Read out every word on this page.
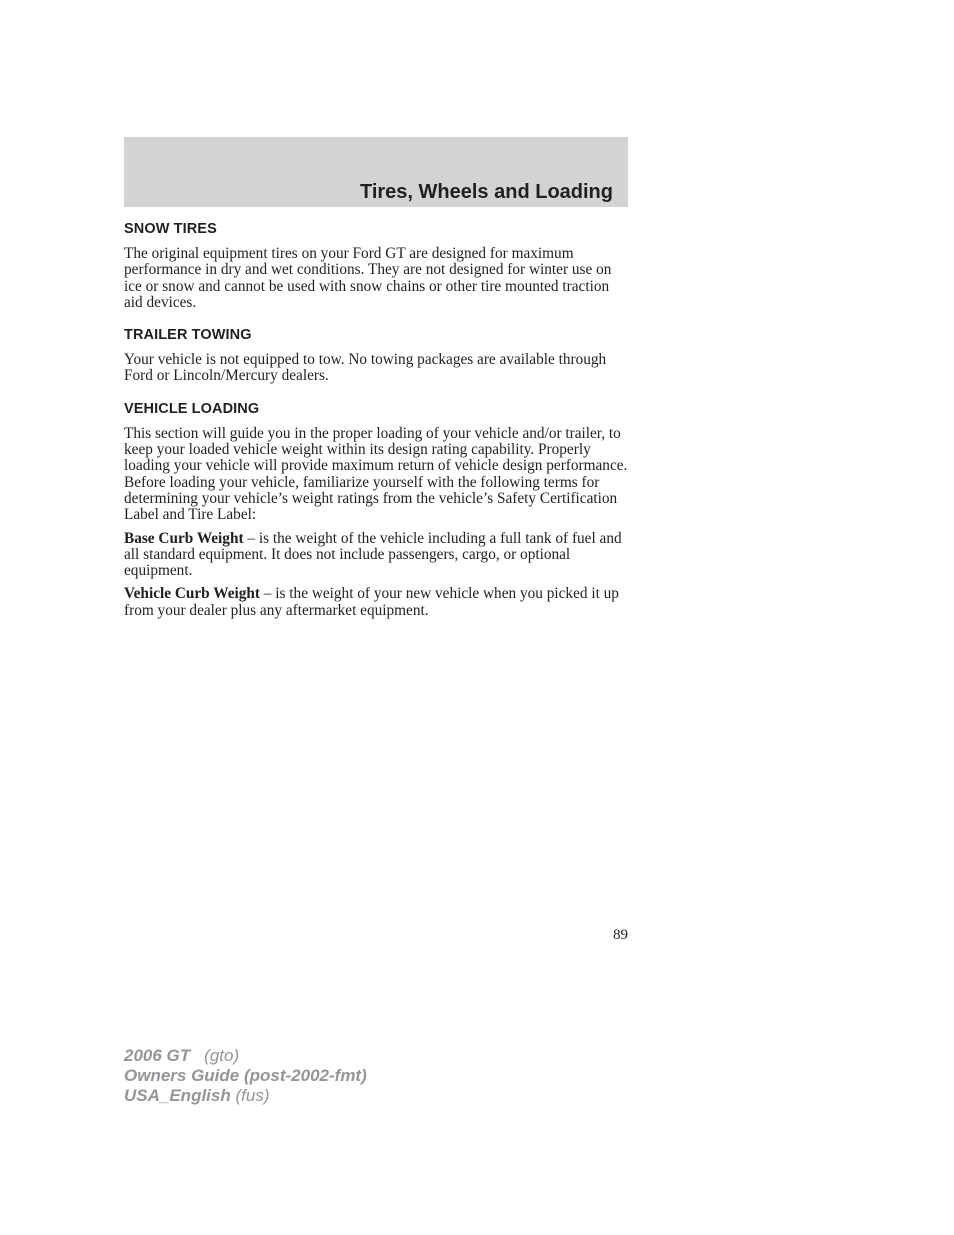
Tires, Wheels and Loading
SNOW TIRES

The original equipment tires on your Ford GT are designed for maximum performance in dry and wet conditions. They are not designed for winter use on ice or snow and cannot be used with snow chains or other tire mounted traction aid devices.

TRAILER TOWING

Your vehicle is not equipped to tow. No towing packages are available through Ford or Lincoln/Mercury dealers.

VEHICLE LOADING

This section will guide you in the proper loading of your vehicle and/or trailer, to keep your loaded vehicle weight within its design rating capability. Properly loading your vehicle will provide maximum return of vehicle design performance. Before loading your vehicle, familiarize yourself with the following terms for determining your vehicle’s weight ratings from the vehicle’s Safety Certification Label and Tire Label:

Base Curb Weight – is the weight of the vehicle including a full tank of fuel and all standard equipment. It does not include passengers, cargo, or optional equipment.

Vehicle Curb Weight – is the weight of your new vehicle when you picked it up from your dealer plus any aftermarket equipment.

89

2006 GT (gto)
Owners Guide (post-2002-fmt)
USA_English (fus)
